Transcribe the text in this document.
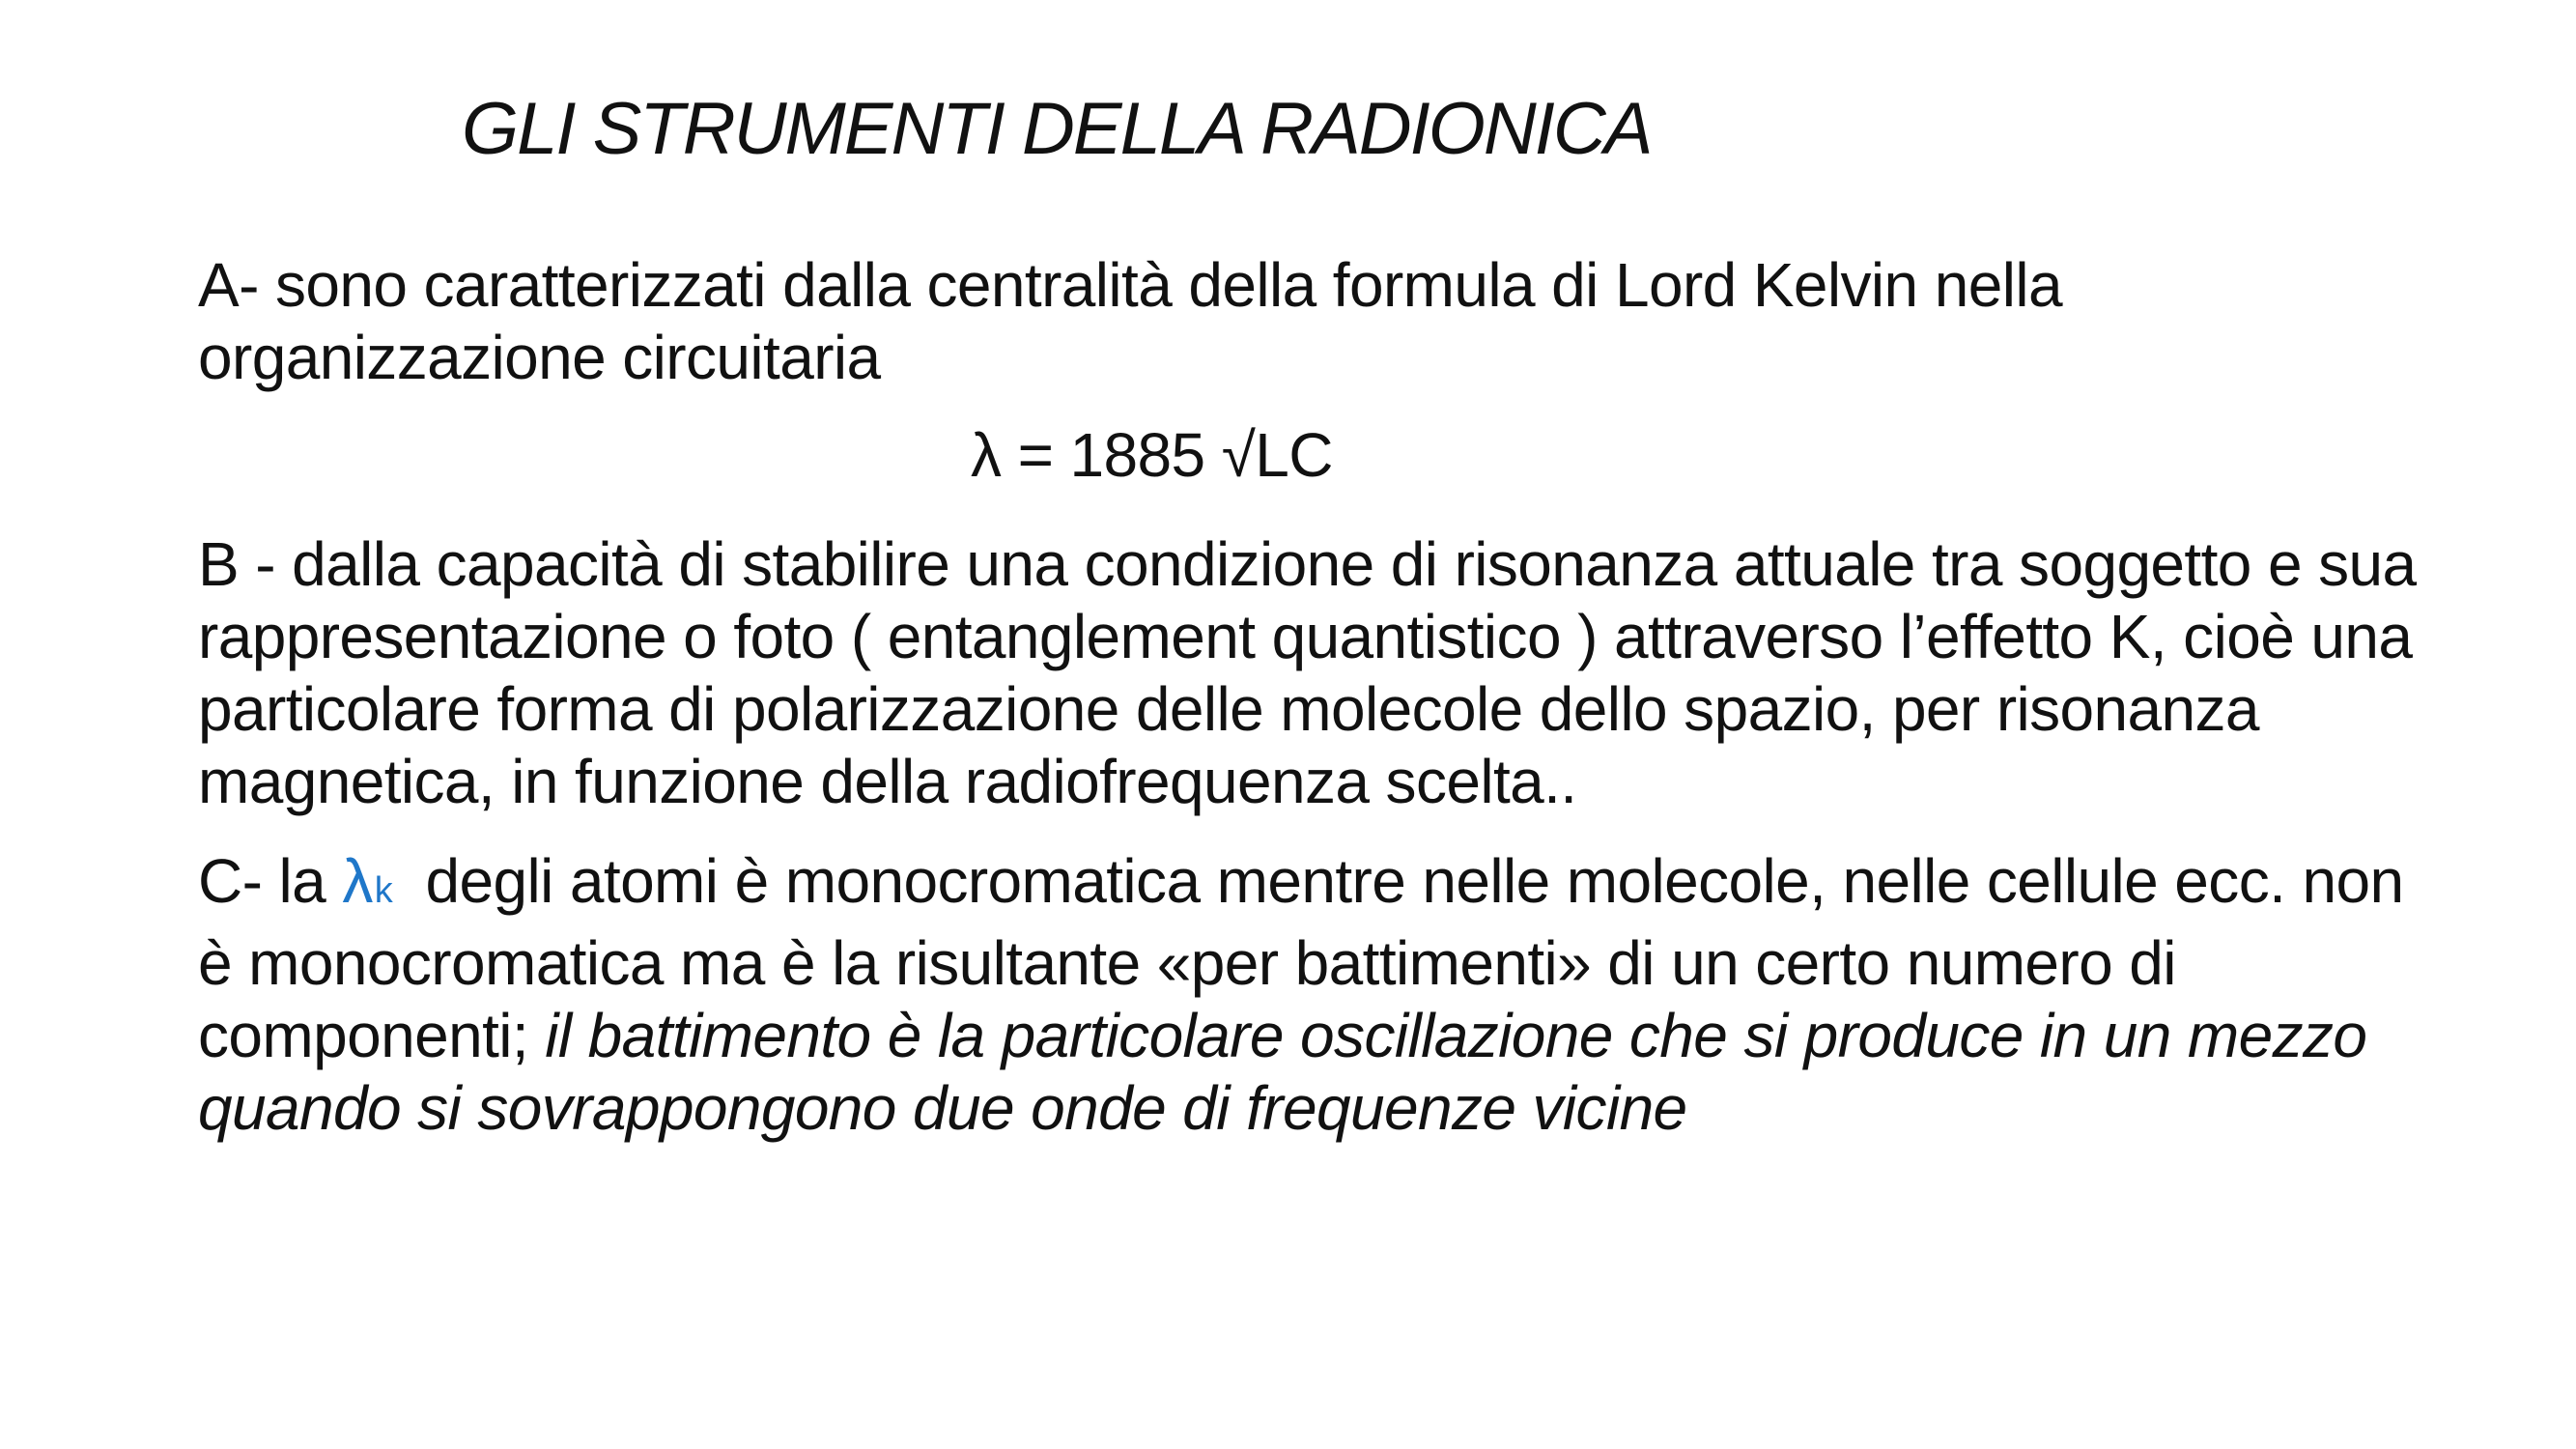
GLI STRUMENTI DELLA RADIONICA

A- sono caratterizzati dalla centralità della formula di Lord Kelvin nella organizzazione circuitaria

λ = 1885 √LC

B - dalla capacità di stabilire una condizione di risonanza attuale tra soggetto e sua rappresentazione o foto ( entanglement quantistico ) attraverso l’effetto K, cioè una particolare forma di polarizzazione delle molecole dello spazio, per risonanza magnetica, in funzione della radiofrequenza scelta..

C- la λk  degli atomi è monocromatica mentre nelle molecole, nelle cellule ecc. non è monocromatica ma è la risultante «per battimenti» di un certo numero di componenti; il battimento è la particolare oscillazione che si produce in un mezzo quando si sovrappongono due onde di frequenze vicine
